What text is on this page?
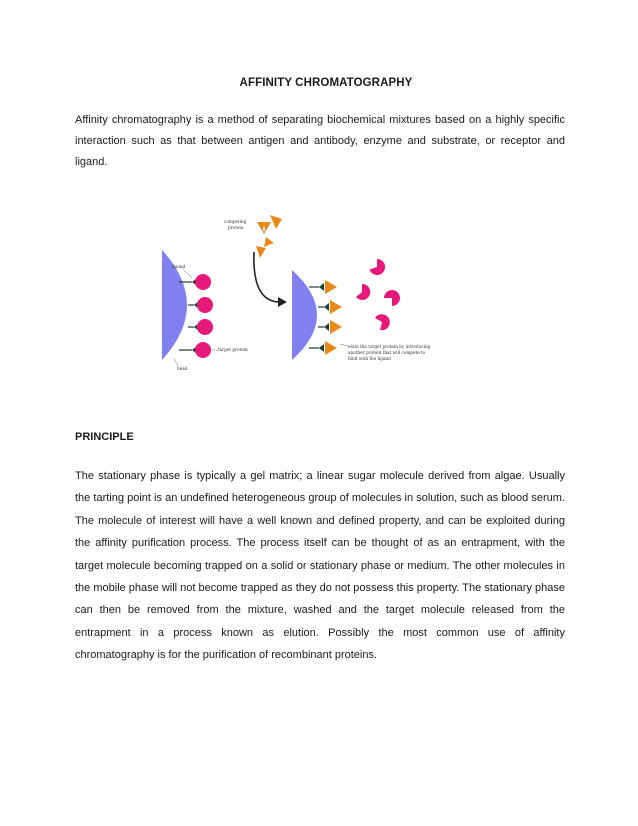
AFFINITY CHROMATOGRAPHY

Affinity chromatography is a method of separating biochemical mixtures based on a highly specific interaction such as that between antigen and antibody, enzyme and substrate, or receptor and ligand.

ligand
target protein
bead
competing
protein
elute the target protein by introducing
another protein that will compete to
bind with the ligand
PRINCIPLE

The stationary phase is typically a gel matrix; a linear sugar molecule derived from algae. Usually the tarting point is an undefined heterogeneous group of molecules in solution, such as blood serum. The molecule of interest will have a well known and defined property, and can be exploited during the affinity purification process. The process itself can be thought of as an entrapment, with the target molecule becoming trapped on a solid or stationary phase or medium. The other molecules in the mobile phase will not become trapped as they do not possess this property. The stationary phase can then be removed from the mixture, washed and the target molecule released from the entrapment in a process known as elution. Possibly the most common use of affinity chromatography is for the purification of recombinant proteins.
